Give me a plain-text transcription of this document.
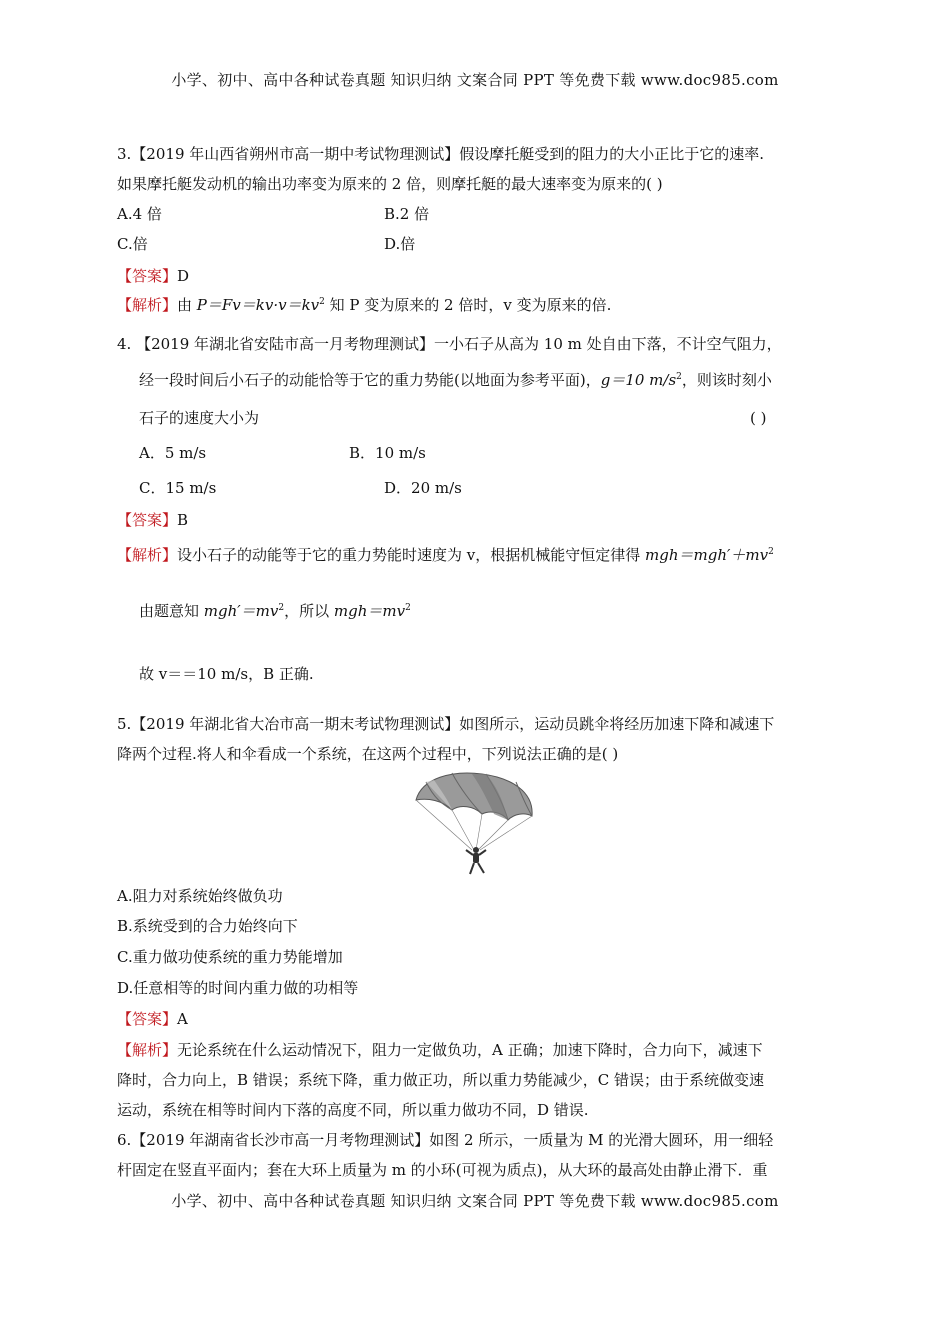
小学、初中、高中各种试卷真题 知识归纳 文案合同 PPT 等免费下载 www.doc985.com
3.【2019 年山西省朔州市高一期中考试物理测试】假设摩托艇受到的阻力的大小正比于它的速率.
如果摩托艇发动机的输出功率变为原来的 2 倍，则摩托艇的最大速率变为原来的( )
A.4 倍	B.2 倍
C.倍	D.倍
【答案】D
【解析】由 $P=Fv=kv\cdot v=kv^2$ 知 P 变为原来的 2 倍时，v 变为原来的倍.
4. 【2019 年湖北省安陆市高一月考物理测试】一小石子从高为 10 m 处自由下落，不计空气阻力，
经一段时间后小石子的动能恰等于它的重力势能(以地面为参考平面)，g＝10 $m/s^2$，则该时刻小
石子的速度大小为	( )
A．5 m/s	B．10 m/s
C．15 m/s	D．20 m/s
【答案】B
【解析】设小石子的动能等于它的重力势能时速度为 v，根据机械能守恒定律得 $mgh=mgh'+mv^2$
由题意知 $mgh'=mv^2$，所以 $mgh=mv^2$
故 v＝＝10 m/s，B 正确.
5.【2019 年湖北省大冶市高一期末考试物理测试】如图所示，运动员跳伞将经历加速下降和减速下
降两个过程.将人和伞看成一个系统，在这两个过程中，下列说法正确的是( )
A.阻力对系统始终做负功
B.系统受到的合力始终向下
C.重力做功使系统的重力势能增加
D.任意相等的时间内重力做的功相等
【答案】A
【解析】无论系统在什么运动情况下，阻力一定做负功，A 正确；加速下降时，合力向下，减速下
降时，合力向上，B 错误；系统下降，重力做正功，所以重力势能减少，C 错误；由于系统做变速
运动，系统在相等时间内下落的高度不同，所以重力做功不同，D 错误.
6.【2019 年湖南省长沙市高一月考物理测试】如图 2 所示，一质量为 M 的光滑大圆环，用一细轻
杆固定在竖直平面内；套在大环上质量为 m 的小环(可视为质点)，从大环的最高处由静止滑下．重
小学、初中、高中各种试卷真题 知识归纳 文案合同 PPT 等免费下载 www.doc985.com
